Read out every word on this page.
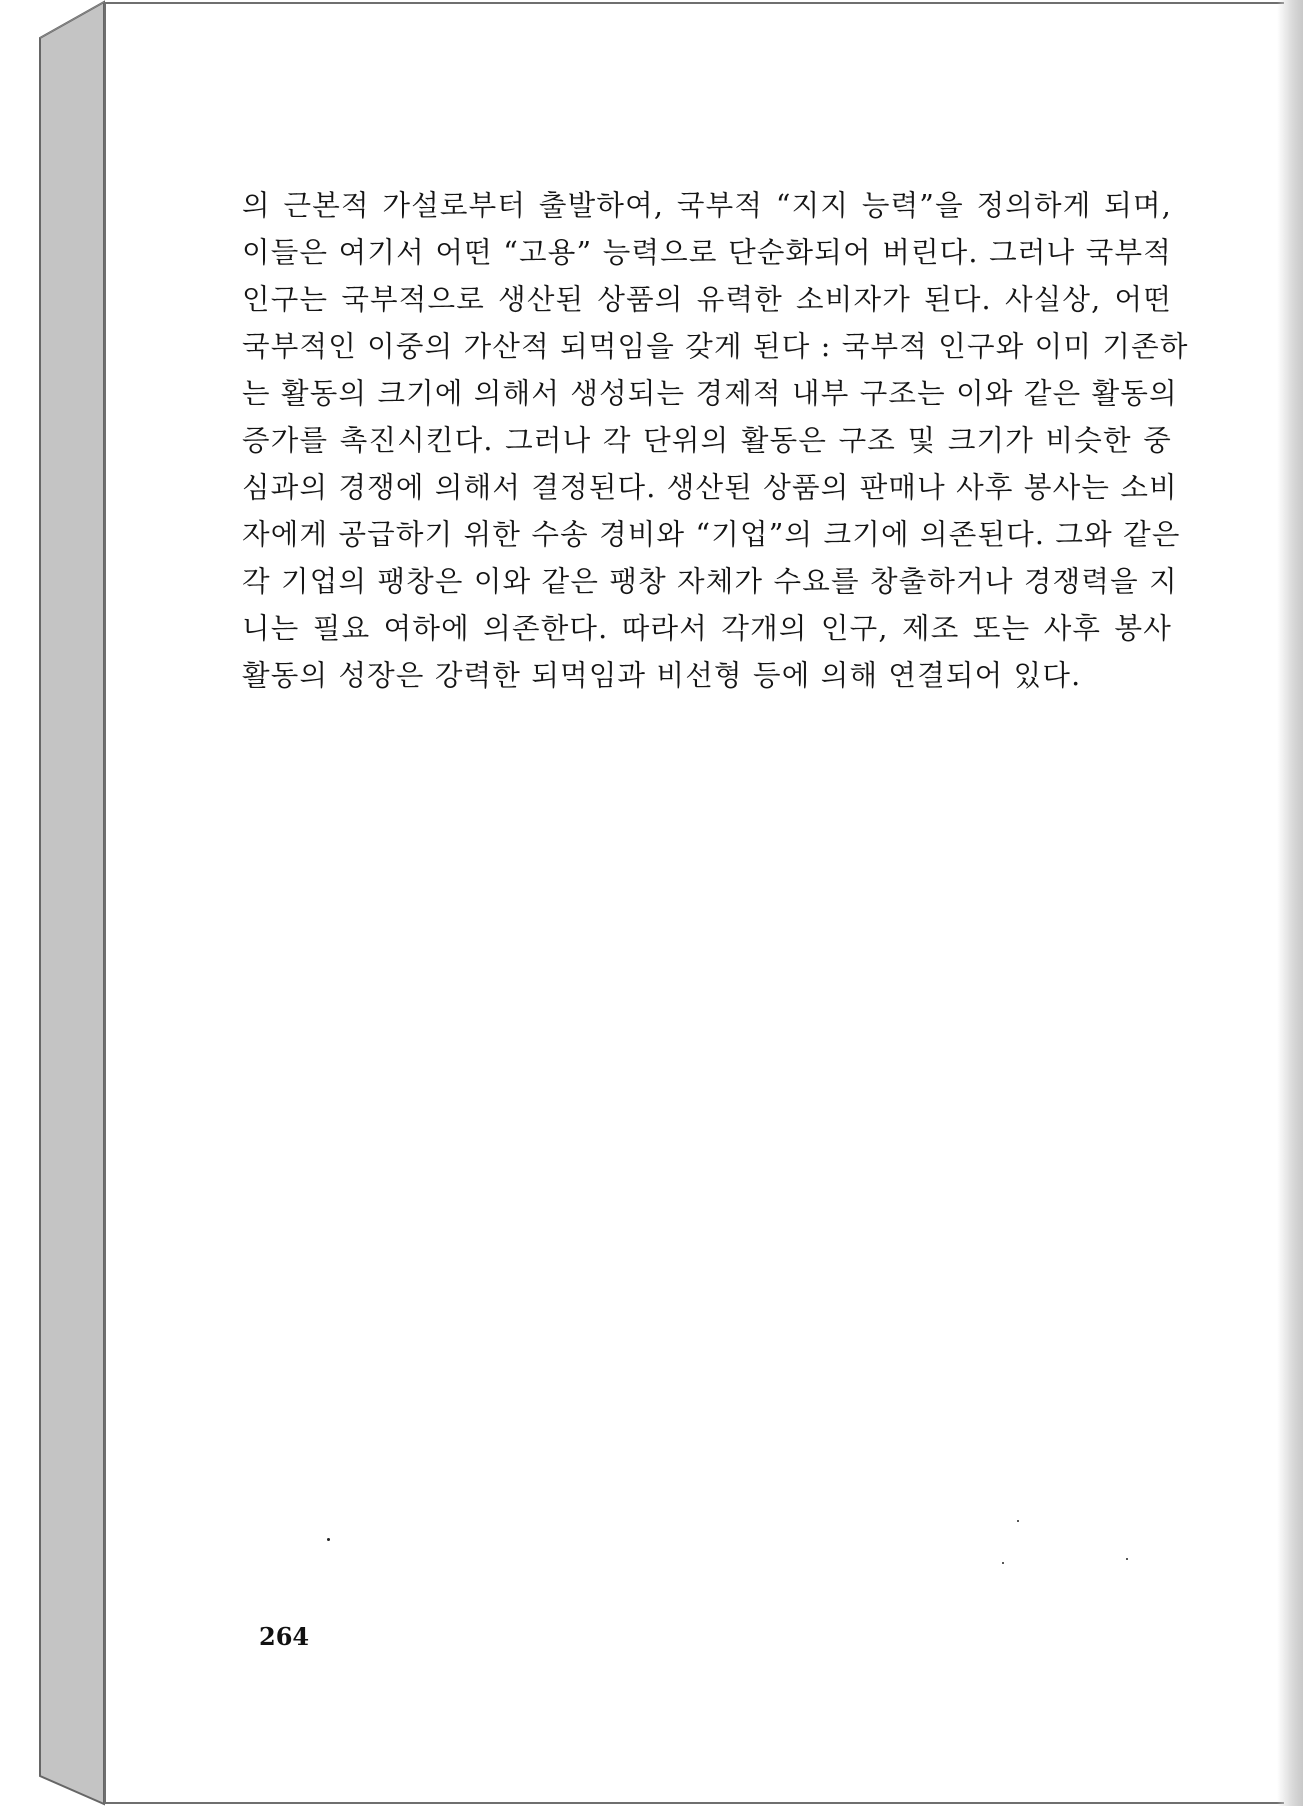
의 근본적 가설로부터 출발하여, 국부적 “지지 능력”을 정의하게 되며,
이들은 여기서 어떤 “고용” 능력으로 단순화되어 버린다. 그러나 국부적
인구는 국부적으로 생산된 상품의 유력한 소비자가 된다. 사실상, 어떤
국부적인 이중의 가산적 되먹임을 갖게 된다 : 국부적 인구와 이미 기존하
는 활동의 크기에 의해서 생성되는 경제적 내부 구조는 이와 같은 활동의
증가를 촉진시킨다. 그러나 각 단위의 활동은 구조 및 크기가 비슷한 중
심과의 경쟁에 의해서 결정된다. 생산된 상품의 판매나 사후 봉사는 소비
자에게 공급하기 위한 수송 경비와 “기업”의 크기에 의존된다. 그와 같은
각 기업의 팽창은 이와 같은 팽창 자체가 수요를 창출하거나 경쟁력을 지
니는 필요 여하에 의존한다. 따라서 각개의 인구, 제조 또는 사후 봉사
활동의 성장은 강력한 되먹임과 비선형 등에 의해 연결되어 있다.
264
